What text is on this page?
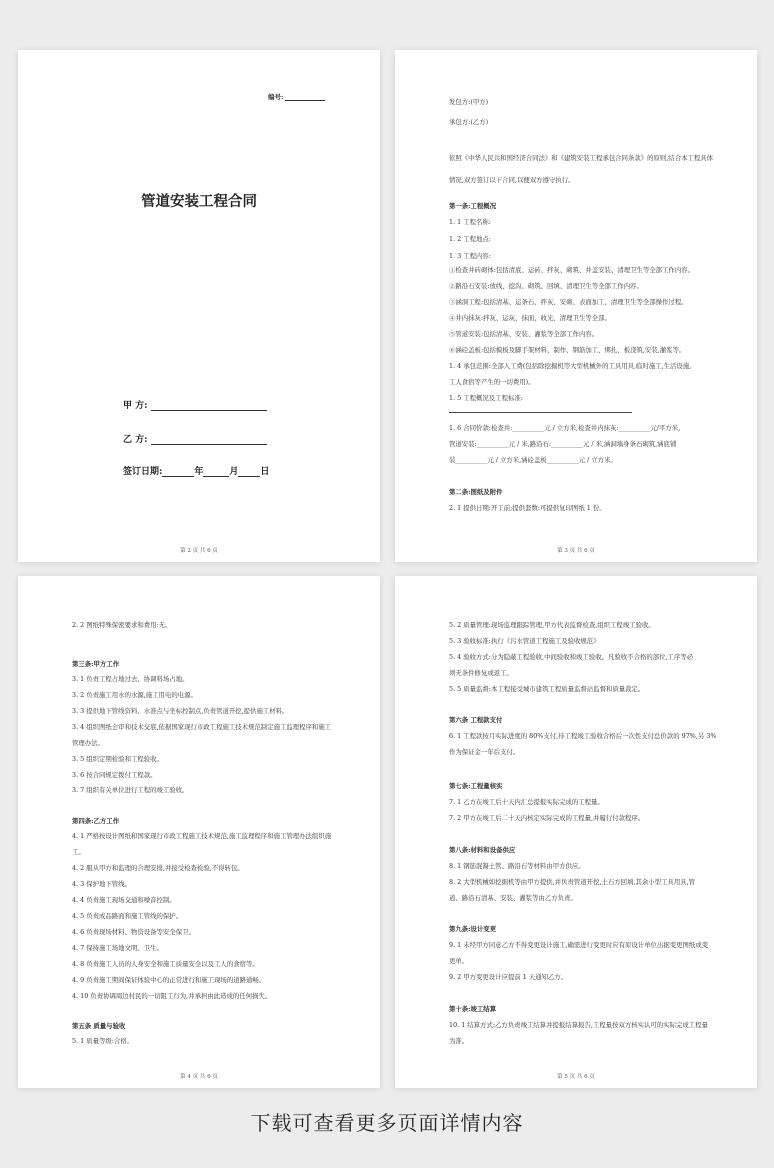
编号:
管道安装工程合同
甲 方:
乙 方:
签订日期:	年	月 日
第 2 页 共 6 页
发包方:(甲方)
承包方:(乙方)
依照《中华人民共和国经济合同法》和《建筑安装工程承包合同条款》的原则,结合本工程具体
情况,双方签订以下合同,以便双方遵守执行。
第一条:工程概况
1. 1 工程名称:
1. 2 工程地点:
1. 3 工程内容:
①检查井砖砌体:包括清底、运砖、拌灰、砌筑、井盖安装、清理卫生等全部工作内容。
②路沿石安装:放线、挖沟、砌筑、回填、清理卫生等全部工作内容。
③涵洞工程:包括清基、运条石、拌灰、安砌、表面加工、清理卫生等全部操作过程。
④井内抹灰:拌灰、运灰、抹面、收光、清理卫生等全部。
⑤管道安装:包括清基、安装、灌浆等全部工作内容。
⑥涵砼盖板:包括模板及脚手架材料、制作、钢筋加工、绑扎、板浇筑,安装,灌浆等。
1. 4 承包范围:全部人工费(包括除挖掘机等大型机械外的工具用具,临时施工,生活设施,
工人食宿等产生的一切费用)。
1. 5 工程概况及工程标准:
1. 6 合同价款:检查井:__________元 / 立方米,检查井内抹灰:__________元/平方米,
管道安装:__________元 / 米,路沿石:__________元 / 米,涵洞墙身条石砌筑,涵底铺
装__________元 / 立方米,涵砼盖板__________元 / 立方米。
第二条:图纸及附件
2. 1 提供日期:开工前;提供套数:可提供复印图纸 1 份。
第 3 页 共 6 页
2. 2 图纸特殊保密要求和费用:无。
第三条:甲方工作
3. 1 负责工程占地过去、协调料场占地。
3. 2 负责施工用水的水源,施工用电的电源。
3. 3 提供地下管线资料、水准点与坐标控制点,负责管道开挖,提供施工材料。
3. 4 组织图纸会审和技术交底,依据国家现行市政工程施工技术规范制定施工监理程序和施工
管理办法。
3. 5 组织定期检验和工程验收。
3. 6 按合同规定拨付工程款。
3. 7 组织有关单位进行工程的竣工验收。
第四条:乙方工作
4. 1 严格按设计图纸和国家现行市政工程施工技术规范,施工监理程序和施工管理办法组织施
工。
4. 2 服从甲方和监理的合理安排,并接受检查检验,不得转包。
4. 3 保护地下管线。
4. 4 负责施工现场交通和噪音控制。
4. 5 负责成品路面和施工管线的保护。
4. 6 负责现场材料、物资设备等安全保卫。
4. 7 保持施工场地文明、卫生。
4. 8 负责施工人员的人身安全和施工质量安全以及工人的食宿等。
4. 9 负责施工期间保证体验中心的正常进行和施工现场的道路通畅。
4. 10 负责协调周边村民的一切阻工行为,并承担由此造成的任何损失。
第五条 质量与验收
5. 1 质量等级:合格。
第 4 页 共 6 页
5. 2 质量管理:现场监理跟踪管理,甲方代表监督检查,组织工程竣工验收。
5. 3 验收标准:执行《污水管道工程施工及验收规范》
5. 4 验收方式:分为隐蔽工程验收,中间验收和竣工验收。凡验收不合格的部位,工序等必
须无条件修复或返工。
5. 5 质量监督:本工程接受城市建筑工程质量监督站监督和质量裁定。
第六条 工程款支付
6. 1 工程款按月实际进度的 80%支付,待工程竣工验收合格后一次性支付总价款的 97%,另 3%
作为保证金一年后支付。
第七条:工程量核实
7. 1 乙方在竣工后十天内汇总提报实际完成的工程量。
7. 2 甲方在竣工后二十天内核定实际完成的工程量,并履行付款程序。
第八条:材料和设备供应
8. 1 钢筋混凝土管、路沿石等材料由甲方供应。
8. 2 大型机械如挖掘机等由甲方提供,并负责管道开挖,土石方回填,其余小型工具用具,管
道、路沿石清基、安装、灌浆等由乙方负责。
第九条:设计变更
9. 1 未经甲方同意乙方不得变更设计施工,确需进行变更时应有原设计单位出据变更图纸或变
更单。
9. 2 甲方变更设计应提前 1 天通知乙方。
第十条:竣工结算
10. 1 结算方式:乙方负责竣工结算并提报结算报告,工程量按双方核实认可的实际完成工程量
为准。
第 5 页 共 6 页
下载可查看更多页面详情内容
